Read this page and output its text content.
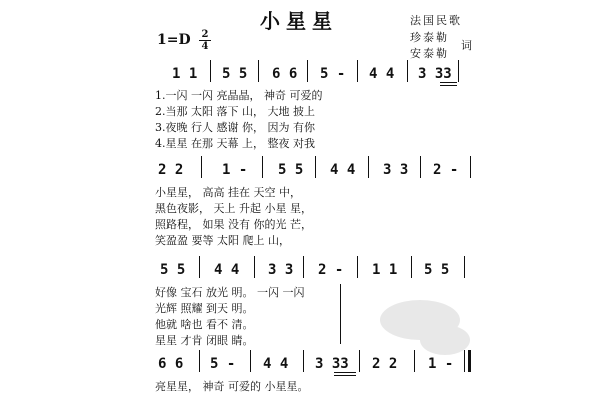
小星星
1=D 2
4
法国民歌
珍泰勒
安泰勒
词
1 1 5 5 6 6 5 - 4 4 3 33
1.一闪 一闪 亮晶晶， 神奇 可爱的
2.当那 太阳 落下 山， 大地 披上
3.夜晚 行人 感谢 你， 因为 有你
4.星星 在那 天幕 上， 整夜 对我
2 2	1 - 5 5 4 4 3 3 2 -
小星星， 高高 挂在 天空 中，
黑色夜影， 天上 升起 小星 星，
照路程， 如果 没有 你的光 芒，
笑盈盈 要等 太阳 爬上 山，
5 5 4 4 3 3 2 - 1 1 5 5
好像 宝石 放光 明。 一闪 一闪
光辉 照耀 到天 明。
他就 啥也 看不 清。
星星 才肯 闭眼 睛。
6 6 5 - 4 4 3 33 2 2 1 -
亮星星， 神奇 可爱的 小星星。
